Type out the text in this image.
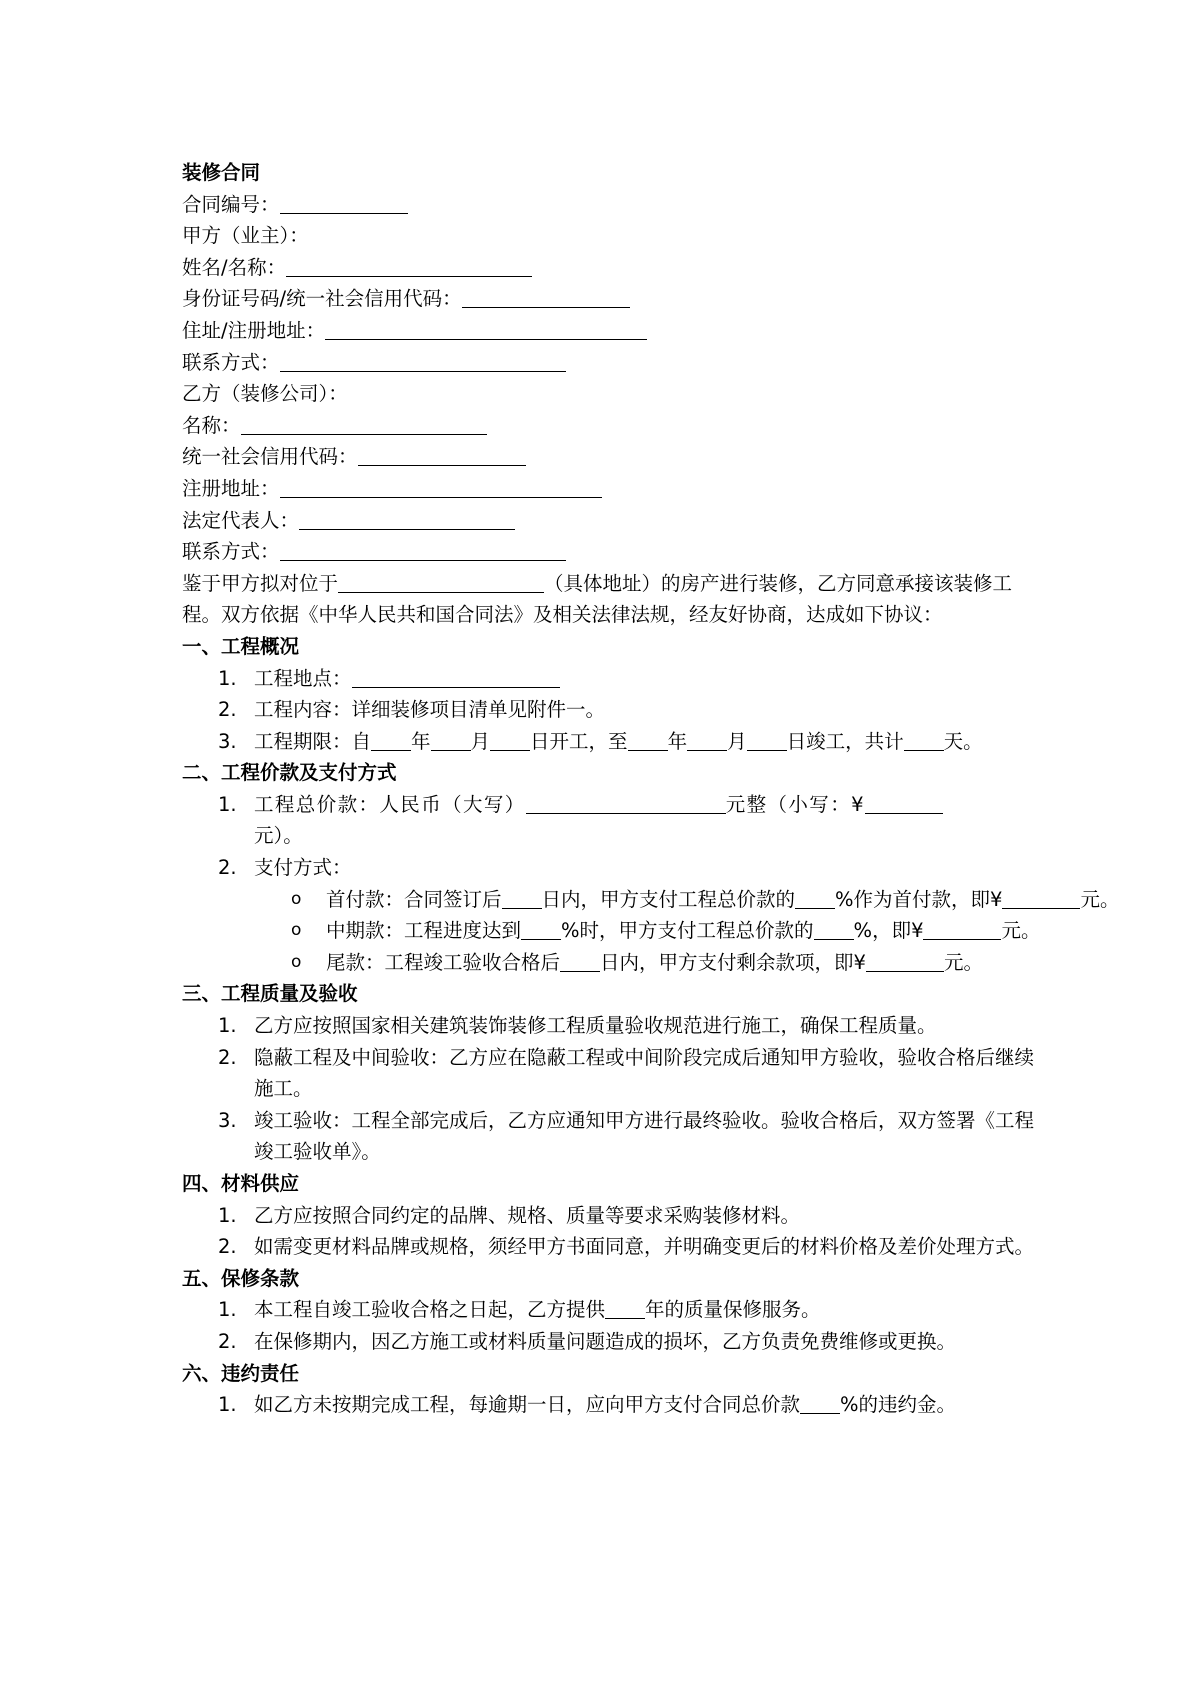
装修合同
合同编号：
甲方（业主）：
姓名/名称：
身份证号码/统一社会信用代码：
住址/注册地址：
联系方式：
乙方（装修公司）：
名称：
统一社会信用代码：
注册地址：
法定代表人：
联系方式：
鉴于甲方拟对位于	（具体地址）的房产进行装修，乙方同意承接该装修工程。双方依据《中华人民共和国合同法》及相关法律法规，经友好协商，达成如下协议：
一、工程概况
1. 工程地点：
2. 工程内容：详细装修项目清单见附件一。
3. 工程期限：自 年 月 日开工，至 年 月 日竣工，共计 天。
二、工程价款及支付方式
1. 工程总价款：人民币（大写）	元整（小写：¥
元）。
2. 支付方式：
o 首付款：合同签订后 日内，甲方支付工程总价款的 %作为首付款，即¥	元。
o 中期款：工程进度达到 %时，甲方支付工程总价款的 %，即¥	元。
o 尾款：工程竣工验收合格后 日内，甲方支付剩余款项，即¥	元。
三、工程质量及验收
1. 乙方应按照国家相关建筑装饰装修工程质量验收规范进行施工，确保工程质量。
2. 隐蔽工程及中间验收：乙方应在隐蔽工程或中间阶段完成后通知甲方验收，验收合格后继续施工。
3. 竣工验收：工程全部完成后，乙方应通知甲方进行最终验收。验收合格后，双方签署《工程竣工验收单》。
四、材料供应
1. 乙方应按照合同约定的品牌、规格、质量等要求采购装修材料。
2. 如需变更材料品牌或规格，须经甲方书面同意，并明确变更后的材料价格及差价处理方式。
五、保修条款
1. 本工程自竣工验收合格之日起，乙方提供 年的质量保修服务。
2. 在保修期内，因乙方施工或材料质量问题造成的损坏，乙方负责免费维修或更换。
六、违约责任
1. 如乙方未按期完成工程，每逾期一日，应向甲方支付合同总价款 %的违约金。
